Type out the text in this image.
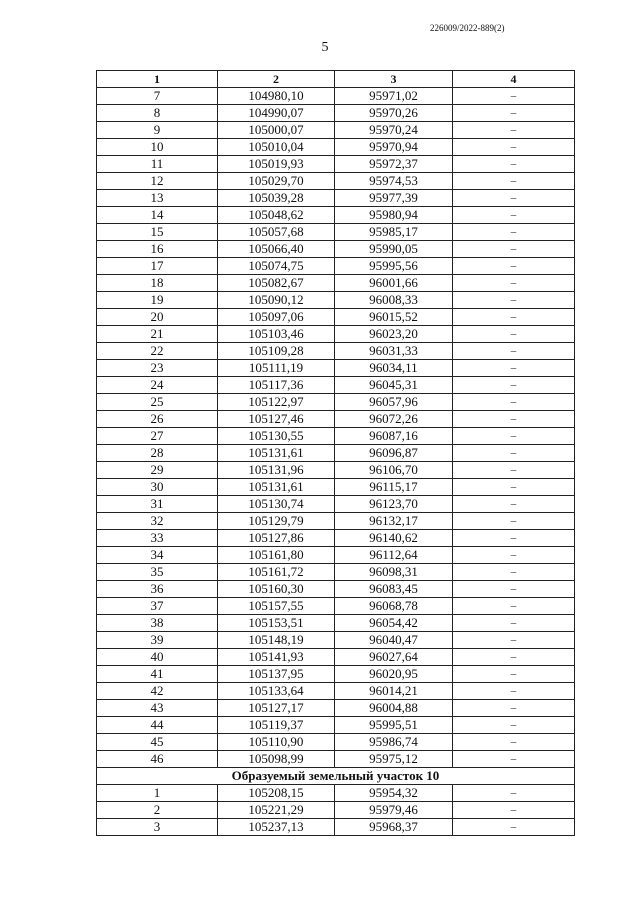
226009/2022-889(2)
5
1	2	3	4
7	104980,10	95971,02	–
8	104990,07	95970,26	–
9	105000,07	95970,24	–
10	105010,04	95970,94	–
11	105019,93	95972,37	–
12	105029,70	95974,53	–
13	105039,28	95977,39	–
14	105048,62	95980,94	–
15	105057,68	95985,17	–
16	105066,40	95990,05	–
17	105074,75	95995,56	–
18	105082,67	96001,66	–
19	105090,12	96008,33	–
20	105097,06	96015,52	–
21	105103,46	96023,20	–
22	105109,28	96031,33	–
23	105111,19	96034,11	–
24	105117,36	96045,31	–
25	105122,97	96057,96	–
26	105127,46	96072,26	–
27	105130,55	96087,16	–
28	105131,61	96096,87	–
29	105131,96	96106,70	–
30	105131,61	96115,17	–
31	105130,74	96123,70	–
32	105129,79	96132,17	–
33	105127,86	96140,62	–
34	105161,80	96112,64	–
35	105161,72	96098,31	–
36	105160,30	96083,45	–
37	105157,55	96068,78	–
38	105153,51	96054,42	–
39	105148,19	96040,47	–
40	105141,93	96027,64	–
41	105137,95	96020,95	–
42	105133,64	96014,21	–
43	105127,17	96004,88	–
44	105119,37	95995,51	–
45	105110,90	95986,74	–
46	105098,99	95975,12	–
Образуемый земельный участок 10			
1	105208,15	95954,32	–
2	105221,29	95979,46	–
3	105237,13	95968,37	–
